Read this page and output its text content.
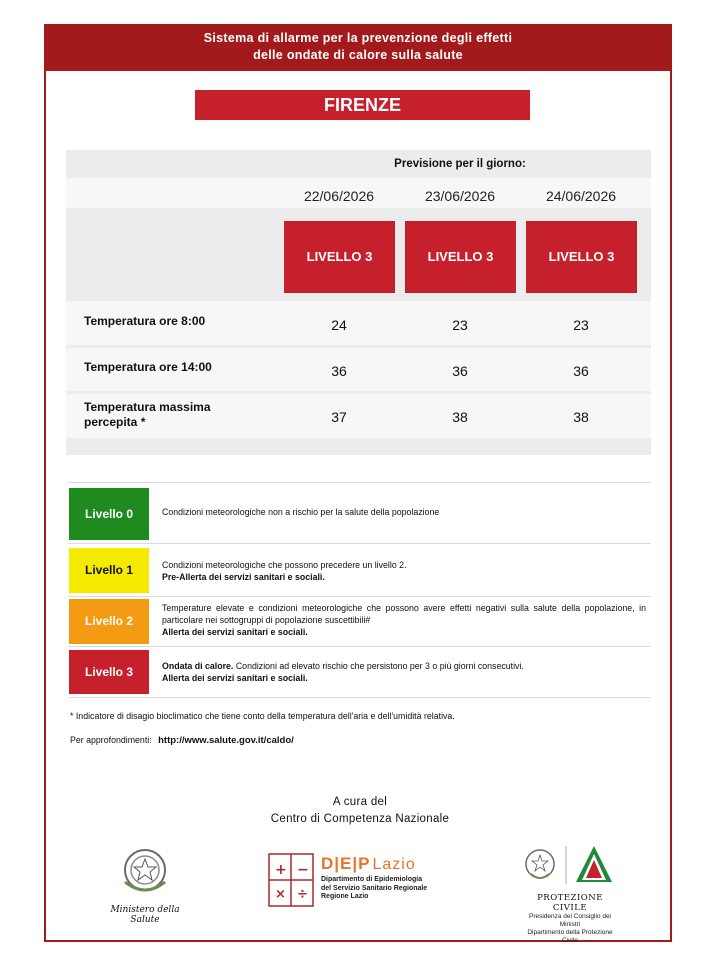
Sistema di allarme per la prevenzione degli effetti
delle ondate di calore sulla salute
FIRENZE
Previsione per il giorno:
22/06/2026	23/06/2026	24/06/2026
LIVELLO 3	LIVELLO 3	LIVELLO 3
Temperatura ore 8:00	24	23	23
Temperatura ore 14:00	36	36	36
Temperatura massima
percepita *	37	38	38
Livello 0	Condizioni meteorologiche non a rischio per la salute della popolazione
Livello 1	Condizioni meteorologiche che possono precedere un livello 2.
Pre-Allerta dei servizi sanitari e sociali.
Livello 2
Temperature elevate e condizioni meteorologiche che possono avere effetti negativi sulla salute della popolazione, in particolare nei sottogruppi di popolazione suscettibili#
Allerta dei servizi sanitari e sociali.
Livello 3	Ondata di calore. Condizioni ad elevato rischio che persistono per 3 o più giorni consecutivi.
Allerta dei servizi sanitari e sociali.
* Indicatore di disagio bioclimatico che tiene conto della temperatura dell'aria e dell'umidità relativa.
Per approfondimenti: http://www.salute.gov.it/caldo/
A cura del
Centro di Competenza Nazionale
Ministero della Salute
+ −
× ÷
D|E|P Lazio
Dipartimento di Epidemiologia
del Servizio Sanitario Regionale
Regione Lazio	PROTEZIONE CIVILE
Presidenza del Consiglio dei Ministri
Dipartimento della Protezione Civile
